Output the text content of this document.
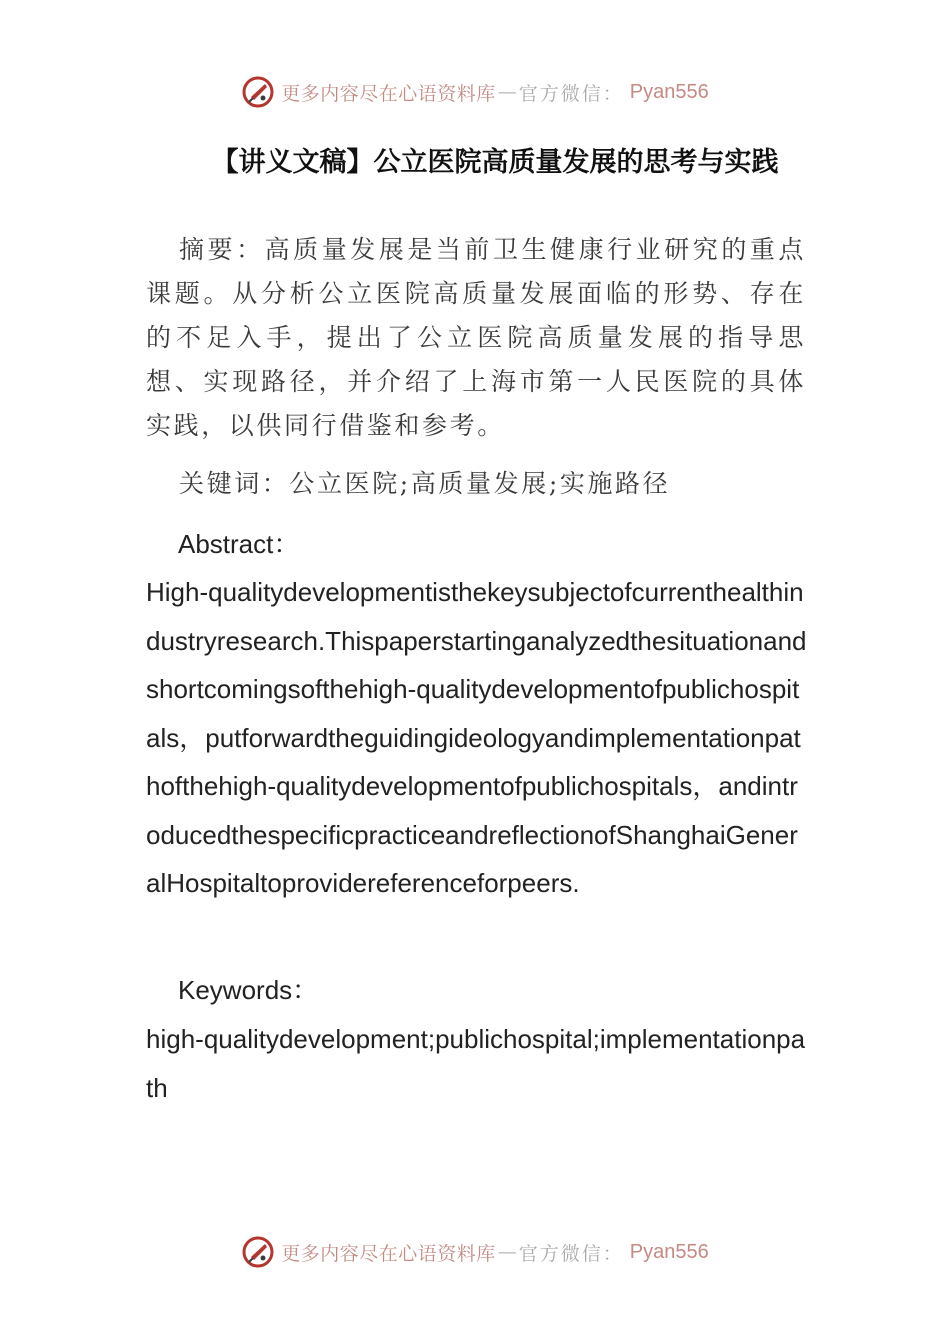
更多内容尽在心语资料库 — 官方微信： Pyan556
【讲义文稿】公立医院高质量发展的思考与实践
摘要：高质量发展是当前卫生健康行业研究的重点课题。从分析公立医院高质量发展面临的形势、存在的不足入手，提出了公立医院高质量发展的指导思想、实现路径，并介绍了上海市第一人民医院的具体实践，以供同行借鉴和参考。
关键词：公立医院;高质量发展;实施路径
Abstract：
High-qualitydevelopmentisthekeysubjectofcurrenthealthindustryresearch.Thispaperstartinganalyzedthesituationandshortcomingsofthehigh-qualitydevelopmentofpublichospitals，putforwardtheguidingideologyandimplementationpathofthehigh-qualitydevelopmentofpublichospitals，andintroducedthespecificpracticeandreflectionofShanghaiGeneralHospitaltoprovidereferenceforpeers.
Keywords：
high-qualitydevelopment;publichospital;implementationpath
更多内容尽在心语资料库 — 官方微信： Pyan556
